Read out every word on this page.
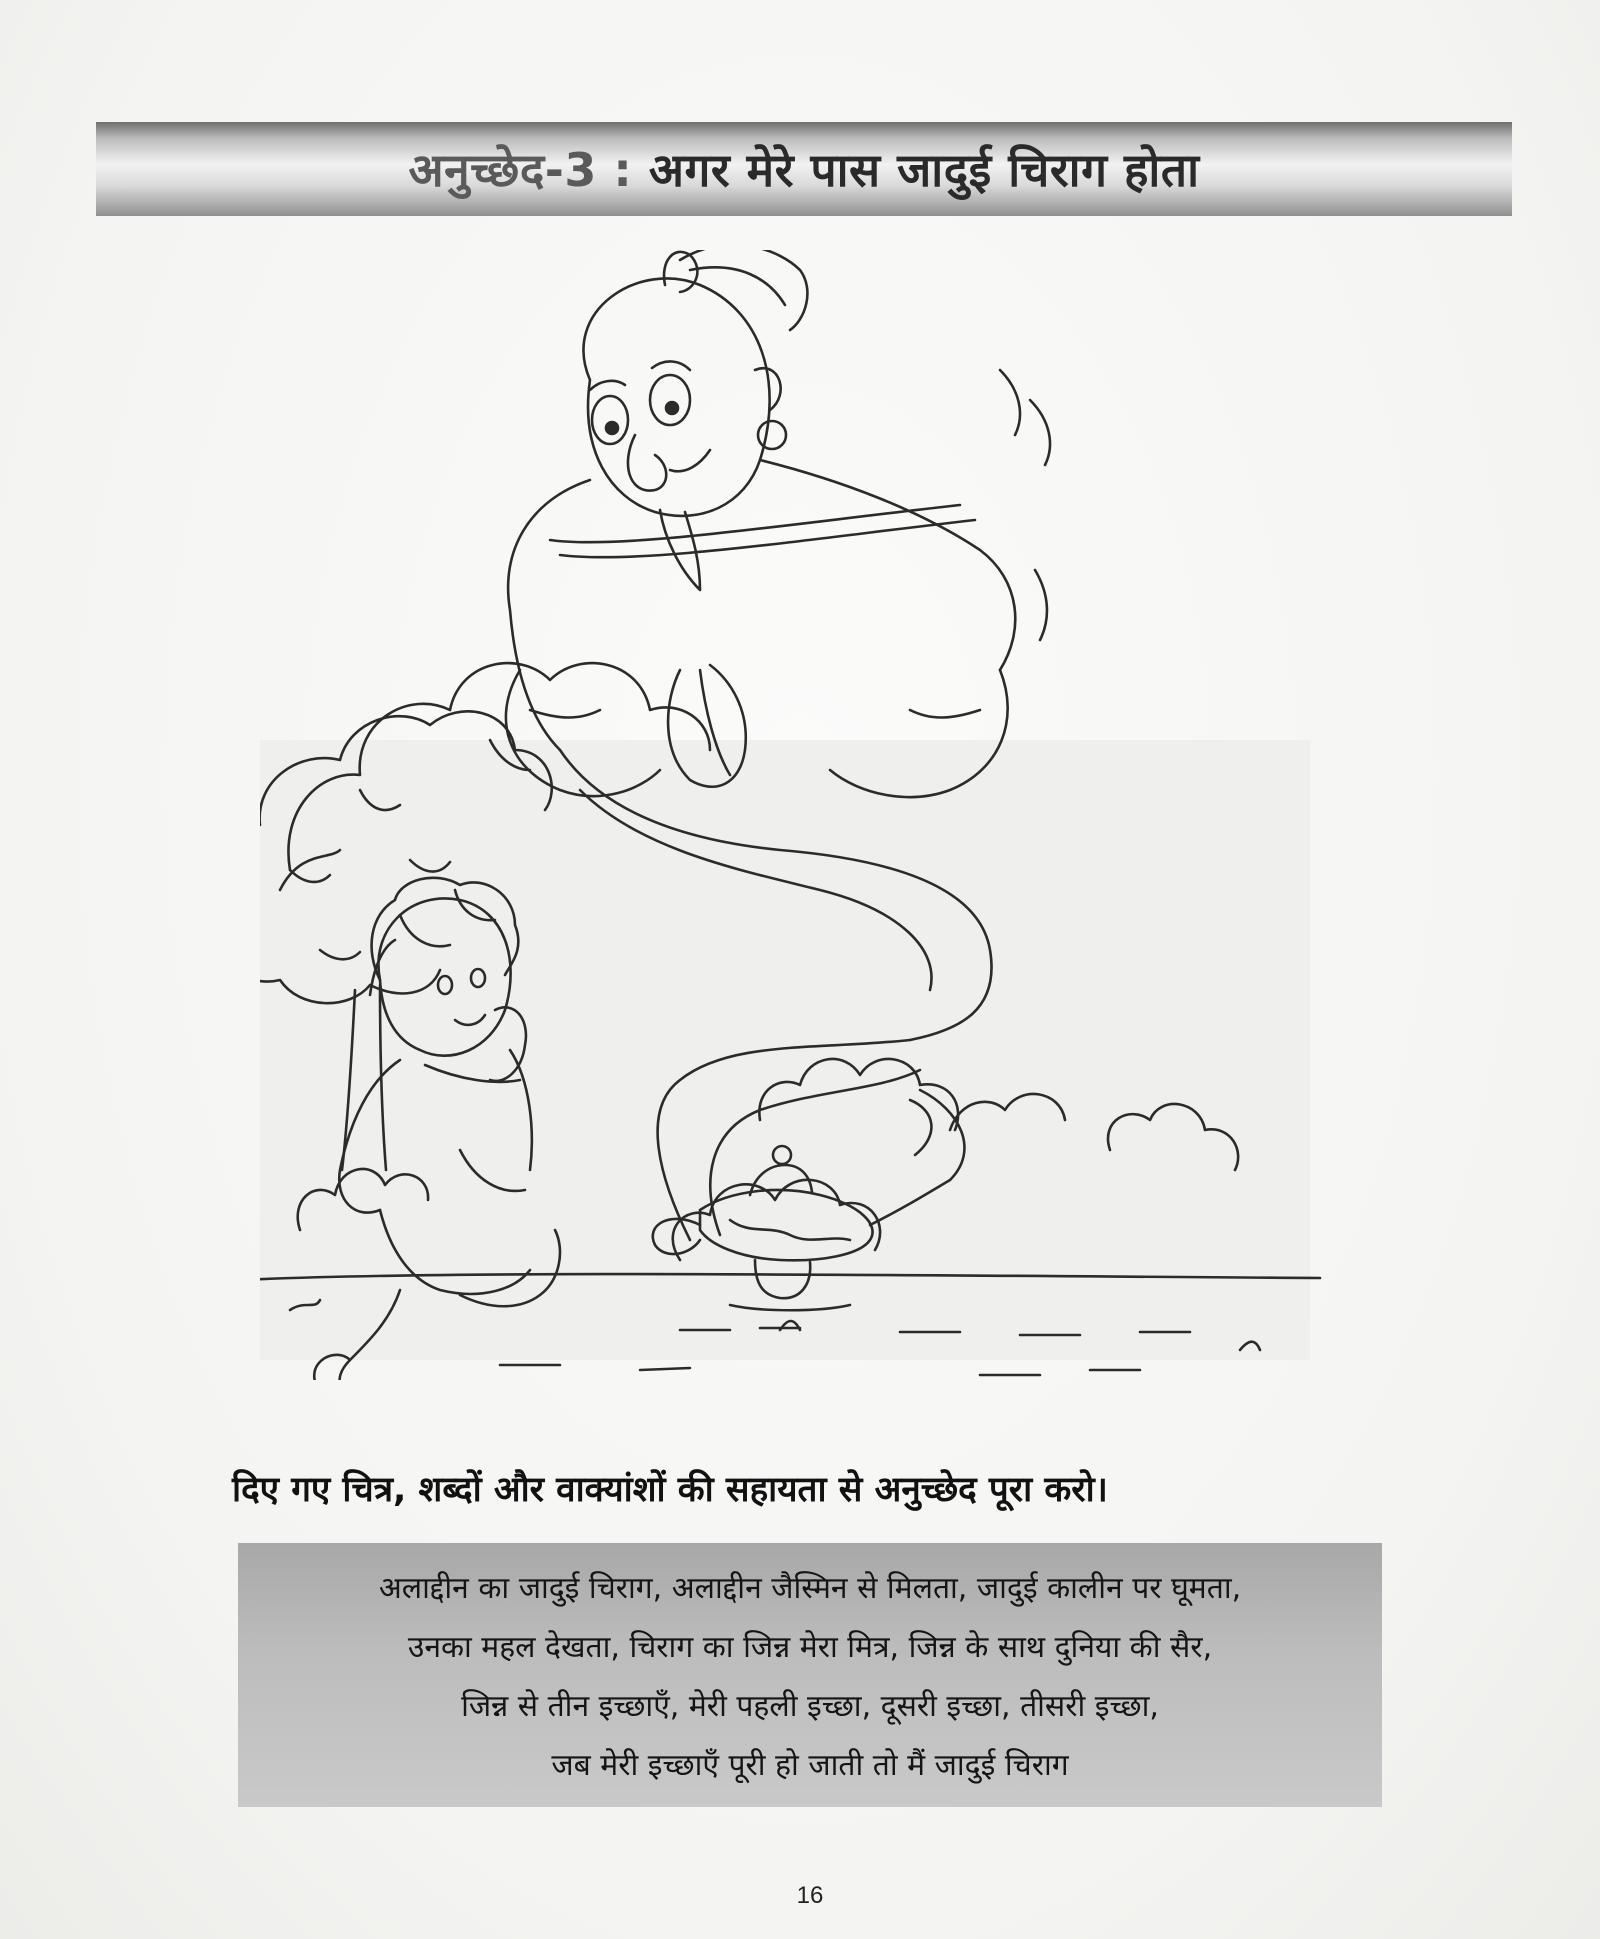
अनुच्छेद-3 : अगर मेरे पास जादुई चिराग होता

दिए गए चित्र, शब्दों और वाक्यांशों की सहायता से अनुच्छेद पूरा करो।

अलाद्दीन का जादुई चिराग, अलाद्दीन जैस्मिन से मिलता, जादुई कालीन पर घूमता,

उनका महल देखता, चिराग का जिन्न मेरा मित्र, जिन्न के साथ दुनिया की सैर,

जिन्न से तीन इच्छाएँ, मेरी पहली इच्छा, दूसरी इच्छा, तीसरी इच्छा,

जब मेरी इच्छाएँ पूरी हो जाती तो मैं जादुई चिराग

16
